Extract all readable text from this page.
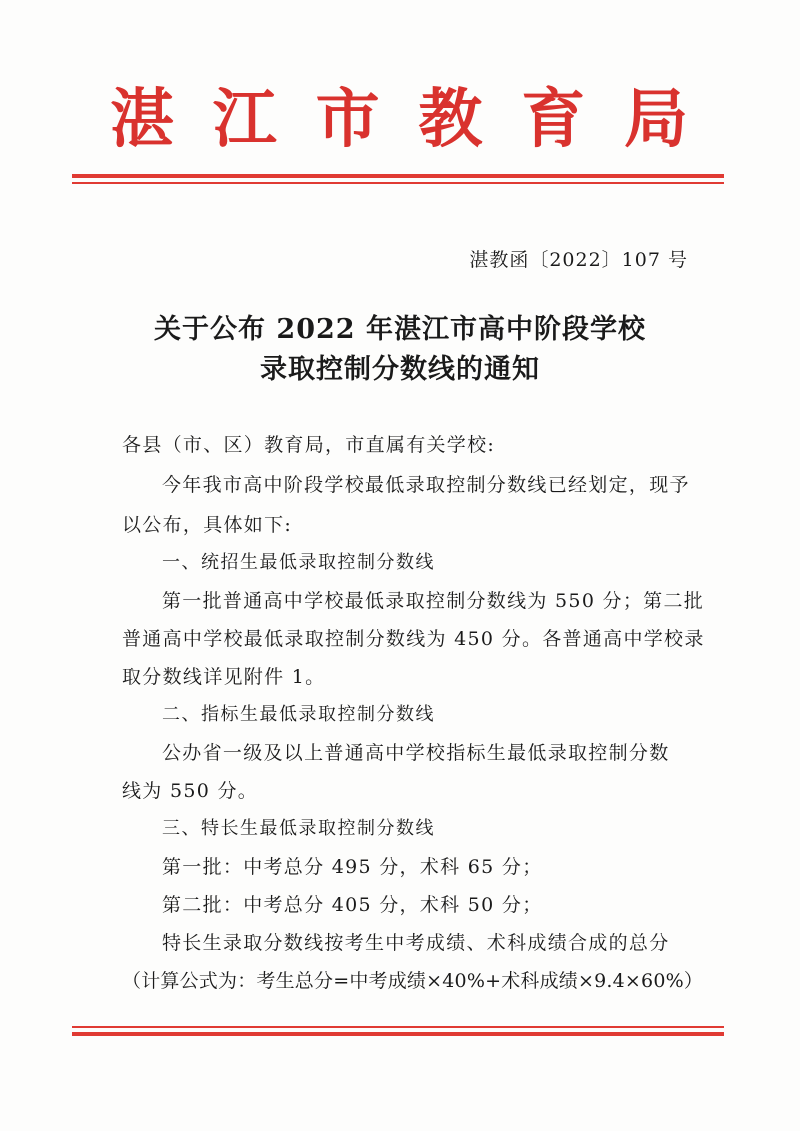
湛 江 市 教 育 局
湛教函〔2022〕107 号
关于公布 2022 年湛江市高中阶段学校
录取控制分数线的通知
各县（市、区）教育局，市直属有关学校:
今年我市高中阶段学校最低录取控制分数线已经划定，现予
以公布，具体如下:
一、统招生最低录取控制分数线
第一批普通高中学校最低录取控制分数线为 550 分；第二批
普通高中学校最低录取控制分数线为 450 分。各普通高中学校录
取分数线详见附件 1。
二、指标生最低录取控制分数线
公办省一级及以上普通高中学校指标生最低录取控制分数
线为 550 分。
三、特长生最低录取控制分数线
第一批：中考总分 495 分，术科 65 分；
第二批：中考总分 405 分，术科 50 分；
特长生录取分数线按考生中考成绩、术科成绩合成的总分
（计算公式为：考生总分=中考成绩×40%+术科成绩×9.4×60%）
